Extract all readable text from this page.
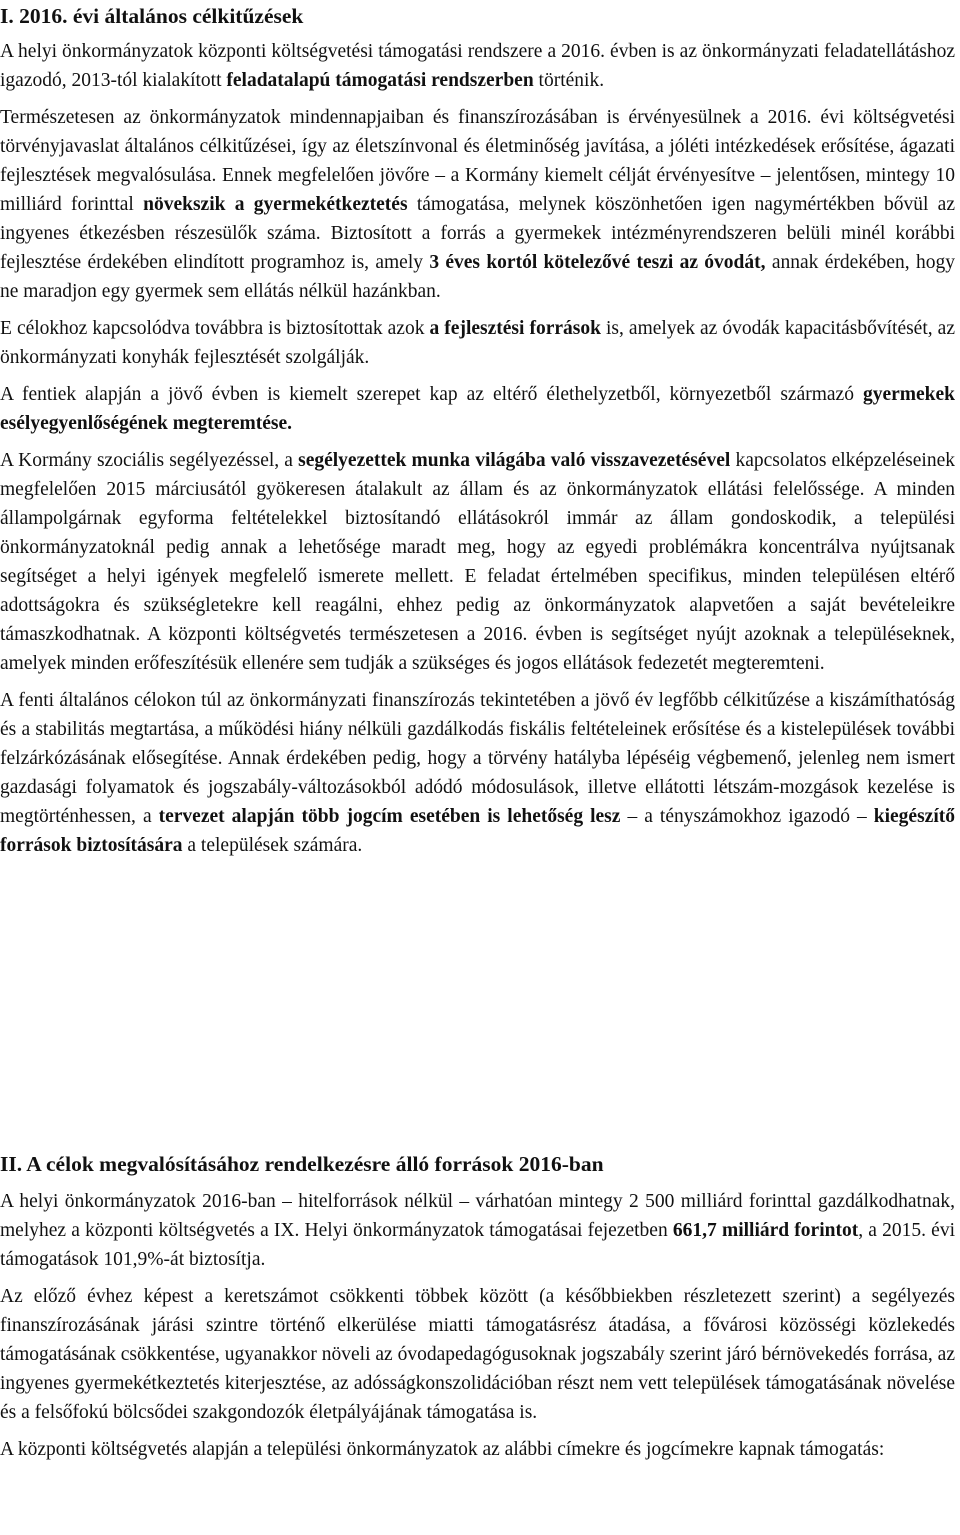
I. 2016. évi általános célkitűzések

A helyi önkormányzatok központi költségvetési támogatási rendszere a 2016. évben is az önkormányzati feladatellátáshoz igazodó, 2013-tól kialakított feladatalapú támogatási rendszerben történik.

Természetesen az önkormányzatok mindennapjaiban és finanszírozásában is érvényesülnek a 2016. évi költségvetési törvényjavaslat általános célkitűzései, így az életszínvonal és életminőség javítása, a jóléti intézkedések erősítése, ágazati fejlesztések megvalósulása. Ennek megfelelően jövőre – a Kormány kiemelt célját érvényesítve – jelentősen, mintegy 10 milliárd forinttal növekszik a gyermekétkeztetés támogatása, melynek köszönhetően igen nagymértékben bővül az ingyenes étkezésben részesülők száma. Biztosított a forrás a gyermekek intézményrendszeren belüli minél korábbi fejlesztése érdekében elindított programhoz is, amely 3 éves kortól kötelezővé teszi az óvodát, annak érdekében, hogy ne maradjon egy gyermek sem ellátás nélkül hazánkban.

E célokhoz kapcsolódva továbbra is biztosítottak azok a fejlesztési források is, amelyek az óvodák kapacitásbővítését, az önkormányzati konyhák fejlesztését szolgálják.

A fentiek alapján a jövő évben is kiemelt szerepet kap az eltérő élethelyzetből, környezetből származó gyermekek esélyegyenlőségének megteremtése.

A Kormány szociális segélyezéssel, a segélyezettek munka világába való visszavezetésével kapcsolatos elképzeléseinek megfelelően 2015 márciusától gyökeresen átalakult az állam és az önkormányzatok ellátási felelőssége. A minden állampolgárnak egyforma feltételekkel biztosítandó ellátásokról immár az állam gondoskodik, a települési önkormányzatoknál pedig annak a lehetősége maradt meg, hogy az egyedi problémákra koncentrálva nyújtsanak segítséget a helyi igények megfelelő ismerete mellett. E feladat értelmében specifikus, minden településen eltérő adottságokra és szükségletekre kell reagálni, ehhez pedig az önkormányzatok alapvetően a saját bevételeikre támaszkodhatnak. A központi költségvetés természetesen a 2016. évben is segítséget nyújt azoknak a településeknek, amelyek minden erőfeszítésük ellenére sem tudják a szükséges és jogos ellátások fedezetét megteremteni.

A fenti általános célokon túl az önkormányzati finanszírozás tekintetében a jövő év legfőbb célkitűzése a kiszámíthatóság és a stabilitás megtartása, a működési hiány nélküli gazdálkodás fiskális feltételeinek erősítése és a kistelepülések további felzárkózásának elősegítése. Annak érdekében pedig, hogy a törvény hatályba lépéséig végbemenő, jelenleg nem ismert gazdasági folyamatok és jogszabály-változásokból adódó módosulások, illetve ellátotti létszám-mozgások kezelése is megtörténhessen, a tervezet alapján több jogcím esetében is lehetőség lesz – a tényszámokhoz igazodó – kiegészítő források biztosítására a települések számára.

II. A célok megvalósításához rendelkezésre álló források 2016-ban

A helyi önkormányzatok 2016-ban – hitelforrások nélkül – várhatóan mintegy 2 500 milliárd forinttal gazdálkodhatnak, melyhez a központi költségvetés a IX. Helyi önkormányzatok támogatásai fejezetben 661,7 milliárd forintot, a 2015. évi támogatások 101,9%-át biztosítja.

Az előző évhez képest a keretszámot csökkenti többek között (a későbbiekben részletezett szerint) a segélyezés finanszírozásának járási szintre történő elkerülése miatti támogatásrész átadása, a fővárosi közösségi közlekedés támogatásának csökkentése, ugyanakkor növeli az óvodapedagógusoknak jogszabály szerint járó bérnövekedés forrása, az ingyenes gyermekétkeztetés kiterjesztése, az adósságkonszolidációban részt nem vett települések támogatásának növelése és a felsőfokú bölcsődei szakgondozók életpályájának támogatása is.

A központi költségvetés alapján a települési önkormányzatok az alábbi címekre és jogcímekre kapnak támogatás:
